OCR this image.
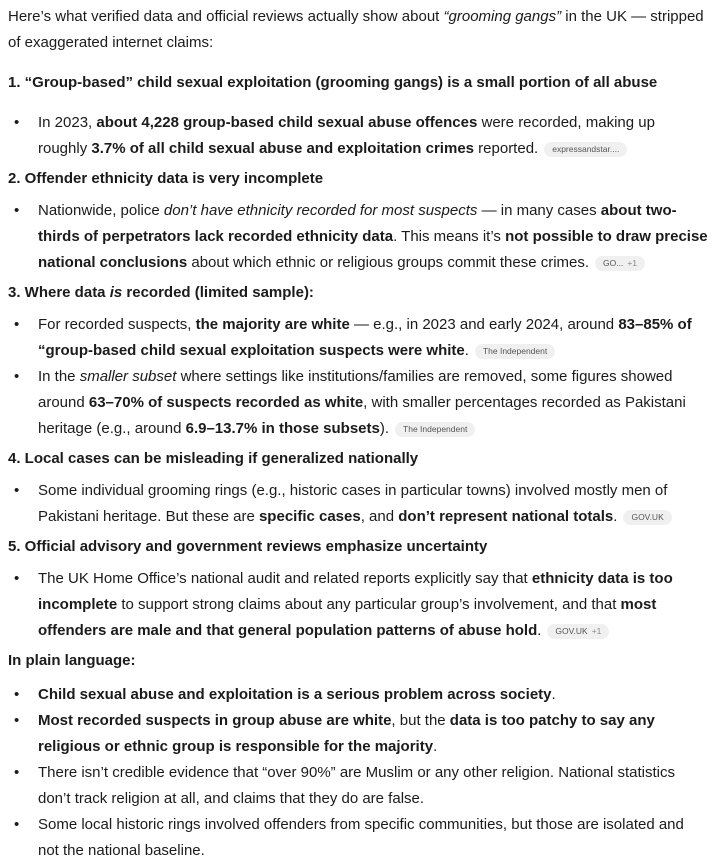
Here’s what verified data and official reviews actually show about “grooming gangs” in the UK — stripped of exaggerated internet claims:

1. “Group-based” child sexual exploitation (grooming gangs) is a small portion of all abuse
• In 2023, about 4,228 group-based child sexual abuse offences were recorded, making up roughly 3.7% of all child sexual abuse and exploitation crimes reported. expressandstar....
2. Offender ethnicity data is very incomplete
• Nationwide, police don’t have ethnicity recorded for most suspects — in many cases about two-thirds of perpetrators lack recorded ethnicity data. This means it’s not possible to draw precise national conclusions about which ethnic or religious groups commit these crimes. GO... +1
3. Where data is recorded (limited sample):
• For recorded suspects, the majority are white — e.g., in 2023 and early 2024, around 83–85% of “group-based child sexual exploitation suspects were white. The Independent
• In the smaller subset where settings like institutions/families are removed, some figures showed around 63–70% of suspects recorded as white, with smaller percentages recorded as Pakistani heritage (e.g., around 6.9–13.7% in those subsets). The Independent
4. Local cases can be misleading if generalized nationally
• Some individual grooming rings (e.g., historic cases in particular towns) involved mostly men of Pakistani heritage. But these are specific cases, and don’t represent national totals. GOV.UK
5. Official advisory and government reviews emphasize uncertainty
• The UK Home Office’s national audit and related reports explicitly say that ethnicity data is too incomplete to support strong claims about any particular group’s involvement, and that most offenders are male and that general population patterns of abuse hold. GOV.UK +1
In plain language:
• Child sexual abuse and exploitation is a serious problem across society.
• Most recorded suspects in group abuse are white, but the data is too patchy to say any religious or ethnic group is responsible for the majority.
• There isn’t credible evidence that “over 90%” are Muslim or any other religion. National statistics don’t track religion at all, and claims that they do are false.
• Some local historic rings involved offenders from specific communities, but those are isolated and not the national baseline.
